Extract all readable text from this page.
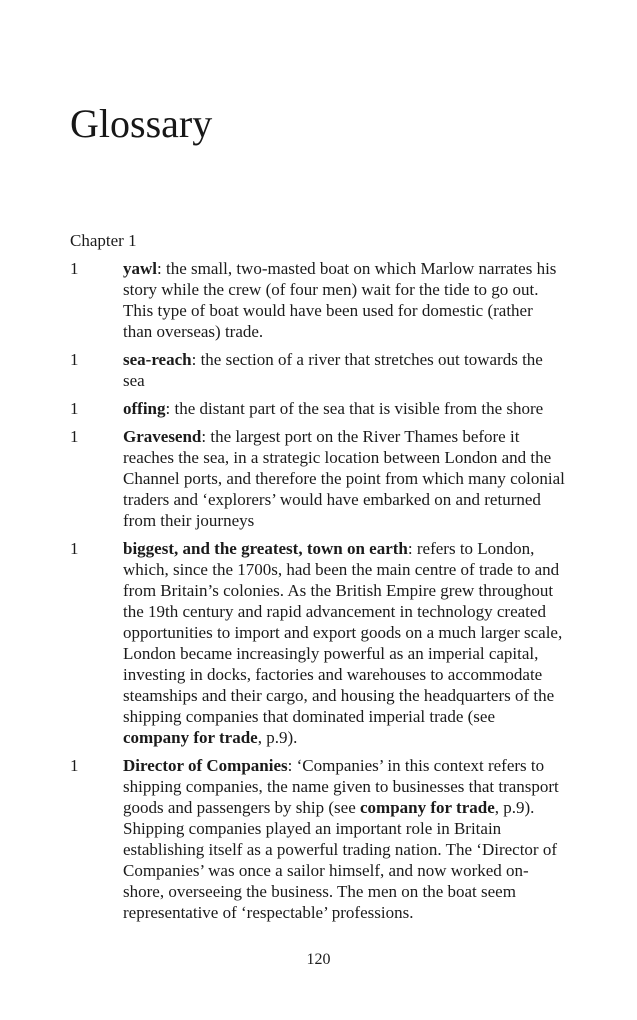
Glossary
Chapter 1
1	yawl: the small, two-masted boat on which Marlow narrates his story while the crew (of four men) wait for the tide to go out. This type of boat would have been used for domestic (rather than overseas) trade.

1	sea-reach: the section of a river that stretches out towards the sea

1	offing: the distant part of the sea that is visible from the shore

1	Gravesend: the largest port on the River Thames before it reaches the sea, in a strategic location between London and the Channel ports, and therefore the point from which many colonial traders and ‘explorers’ would have embarked on and returned from their journeys

1	biggest, and the greatest, town on earth: refers to London, which, since the 1700s, had been the main centre of trade to and from Britain’s colonies. As the British Empire grew throughout the 19th century and rapid advancement in technology created opportunities to import and export goods on a much larger scale, London became increasingly powerful as an imperial capital, investing in docks, factories and warehouses to accommodate steamships and their cargo, and housing the headquarters of the shipping companies that dominated imperial trade (see company for trade, p.9).

1	Director of Companies: ‘Companies’ in this context refers to shipping companies, the name given to businesses that transport goods and passengers by ship (see company for trade, p.9). Shipping companies played an important role in Britain establishing itself as a powerful trading nation. The ‘Director of Companies’ was once a sailor himself, and now worked on-shore, overseeing the business. The men on the boat seem representative of ‘respectable’ professions.

120
